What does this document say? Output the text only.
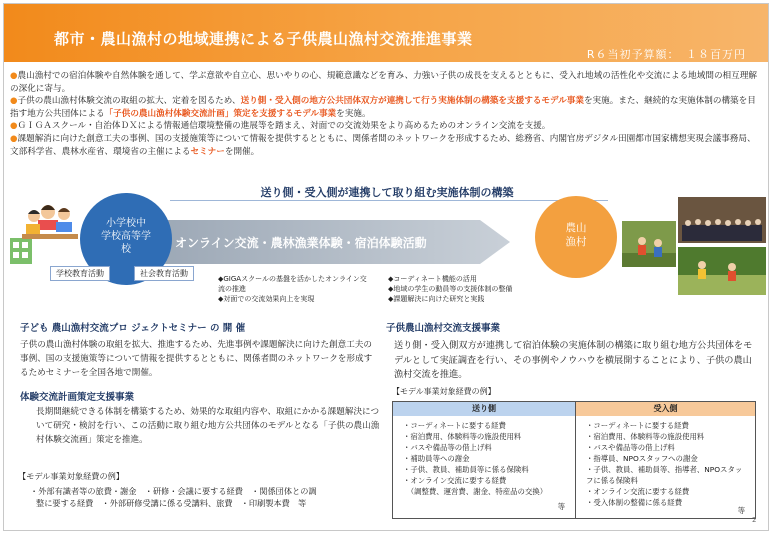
都市・農山漁村の地域連携による子供農山漁村交流推進事業
R６当初予算額：　１８百万円

●農山漁村での宿泊体験や自然体験を通して、学ぶ意欲や自立心、思いやりの心、規範意識などを育み、力強い子供の成長を支えるとともに、受入れ地域の活性化や交流による地域間の相互理解の深化に寄与。

●子供の農山漁村体験交流の取組の拡大、定着を図るため、送り側・受入側の地方公共団体双方が連携して行う実施体制の構築を支援するモデル事業を実施。また、継続的な実施体制の構築を目指す地方公共団体による「子供の農山漁村体験交流計画」策定を支援するモデル事業を実施。

●ＧＩＧＡスクール・自治体ＤＸによる情報通信環境整備の進展等を踏まえ、対面での交流効果をより高めるためのオンライン交流を支援。

●課題解消に向けた創意工夫の事例、国の支援施策等について情報を提供するとともに、関係者間のネットワークを形成するため、総務省、内閣官房デジタル田園都市国家構想実現会議事務局、文部科学省、農林水産省、環境省の主催によるセミナーを開催。

送り側・受入側が連携して取り組む実施体制の構築
オンライン交流・農林漁業体験・宿泊体験活動
小学校中
学校高等学
校
農山
漁村
学校教育活動	社会教育活動
◆GIGAスクールの基盤を活かしたオンライン交
流の推進
◆対面での交流効果向上を実現
◆コーディネート機能の活用
◆地域の学生の動員等の支援体制の整備
◆課題解決に向けた研究と実践
子ども 農山漁村交流プロ ジェクトセミナー の 開 催
子供の農山漁村体験の取組を拡大、推進するため、先進事例や課題解決に向けた創意工夫の事例、国の支援施策等について情報を提供するとともに、関係者間のネットワークを形成するためセミナーを全国各地で開催。
体験交流計画策定支援事業
長期間継続できる体制を構築するため、効果的な取組内容や、取組にかかる課題解決について研究・検討を行い、この活動に取り組む地方公共団体のモデルとなる「子供の農山漁村体験交流画」策定を推進。
【モデル事業対象経費の例】
・外部有識者等の旅費・謝金　・研修・会議に要する経費　・関係団体との調
整に要する経費　・外部研修受講に係る受講料、旅費　・印刷製本費　等
子供農山漁村交流支援事業
送り側・受入側双方が連携して宿泊体験の実施体制の構築に取り組む地方公共団体をモデルとして実証調査を行い、その事例やノウハウを横展開することにより、子供の農山漁村交流を推進。
【モデル事業対象経費の例】
送り側
・コーディネートに要する経費
・宿泊費用、体験料等の施設使用料
・バスや備品等の借上げ料
・補助員等への謝金
・子供、教員、補助員等に係る保険料
・オンライン交流に要する経費
　（調整費、運営費、謝金、特産品の交換）
等
受入側
・コーディネートに要する経費
・宿泊費用、体験料等の施設使用料
・バスや備品等の借上げ料
・指導員、NPOスタッフへの謝金
・子供、教員、補助員等、指導者、NPOスタッ
フに係る保険料
・オンライン交流に要する経費
・受入体制の整備に係る経費
等
2
